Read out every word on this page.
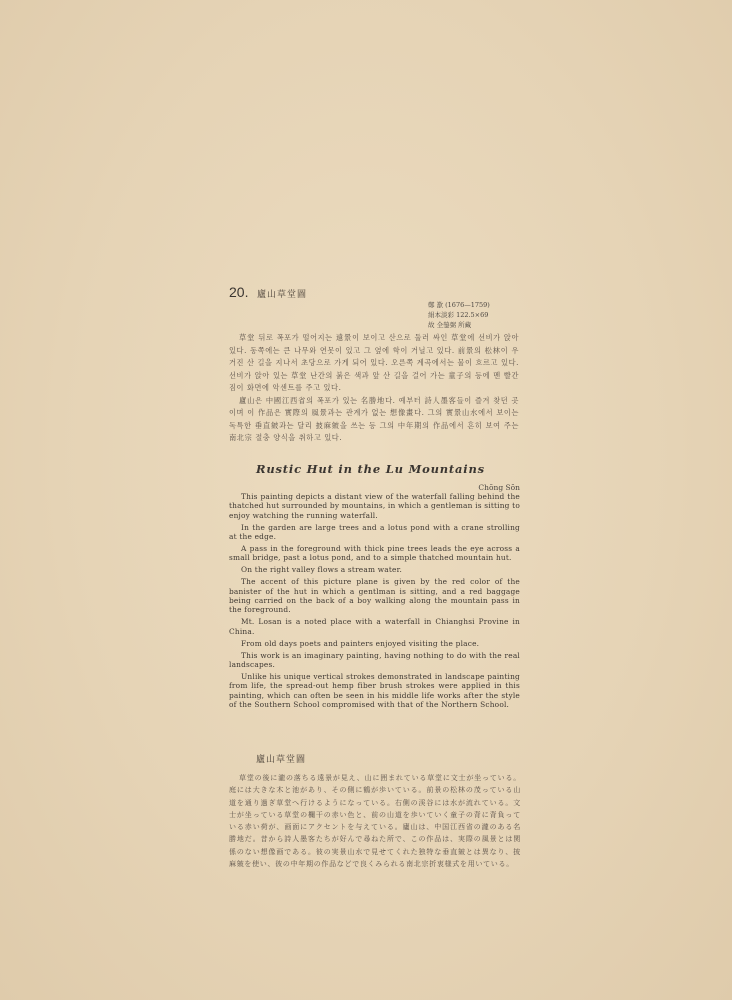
20. 廬山草堂圖
鄭 歚 (1676—1759)
絹本淡彩 122.5×69
故 全鎣弼 所藏

草堂 뒤로 폭포가 떨어지는 遠景이 보이고 산으로 둘러 싸인 草堂에 선비가 앉아 있다. 동쪽에는 큰 나무와 연못이 있고 그 옆에 학이 거닐고 있다. 前景의 松林이 우거진 산 길을 지나서 초당으로 가게 되어 있다. 오른쪽 계곡에서는 물이 흐르고 있다. 선비가 앉아 있는 草堂 난간의 붉은 색과 앞 산 길을 걸어 가는 童子의 등에 멘 빨간 짐이 화면에 악센트를 주고 있다.

廬山은 中國江西省의 폭포가 있는 名勝地다. 예부터 詩人墨客들이 즐겨 찾던 곳이며 이 作品은 實際의 風景과는 관계가 없는 想像畫다. 그의 實景山水에서 보이는 독특한 垂直皴과는 달리 披麻皴을 쓰는 등 그의 中年期의 作品에서 흔히 보여 주는 南北宗 절충 양식을 취하고 있다.

Rustic Hut in the Lu Mountains
Chŏng Sŏn

This painting depicts a distant view of the waterfall falling behind the thatched hut surrounded by mountains, in which a gentleman is sitting to enjoy watching the running waterfall.

In the garden are large trees and a lotus pond with a crane strolling at the edge.

A pass in the foreground with thick pine trees leads the eye across a small bridge, past a lotus pond, and to a simple thatched mountain hut.

On the right valley flows a stream water.

The accent of this picture plane is given by the red color of the banister of the hut in which a gentlman is sitting, and a red baggage being carried on the back of a boy walking along the mountain pass in the foreground.

Mt. Losan is a noted place with a waterfall in Chianghsi Provine in China.

From old days poets and painters enjoyed visiting the place.

This work is an imaginary painting, having nothing to do with the real landscapes.

Unlike his unique vertical strokes demonstrated in landscape painting from life, the spread-out hemp fiber brush strokes were applied in this painting, which can often be seen in his middle life works after the style of the Southern School compromised with that of the Northern School.

廬山草堂圖

草堂の後に瀧の落ちる遠景が見え、山に囲まれている草堂に文士が坐っている。庭には大きな木と池があり、その側に鶴が歩いている。前景の松林の茂っている山道を通り過ぎ草堂へ行けるようになっている。右側の渓谷には水が流れている。文士が坐っている草堂の欄干の赤い色と、前の山道を歩いていく童子の背に背負っている赤い荷が、画面にアクセントを与えている。廬山は、中国江西省の瀧のある名勝地だ。昔から詩人墨客たちが好んで尋ねた所で、この作品は、実際の風景とは関係のない想像画である。彼の実景山水で見せてくれた独特な垂直皴とは異なり、披麻皴を使い、彼の中年期の作品などで良くみられる南北宗折衷様式を用いている。
